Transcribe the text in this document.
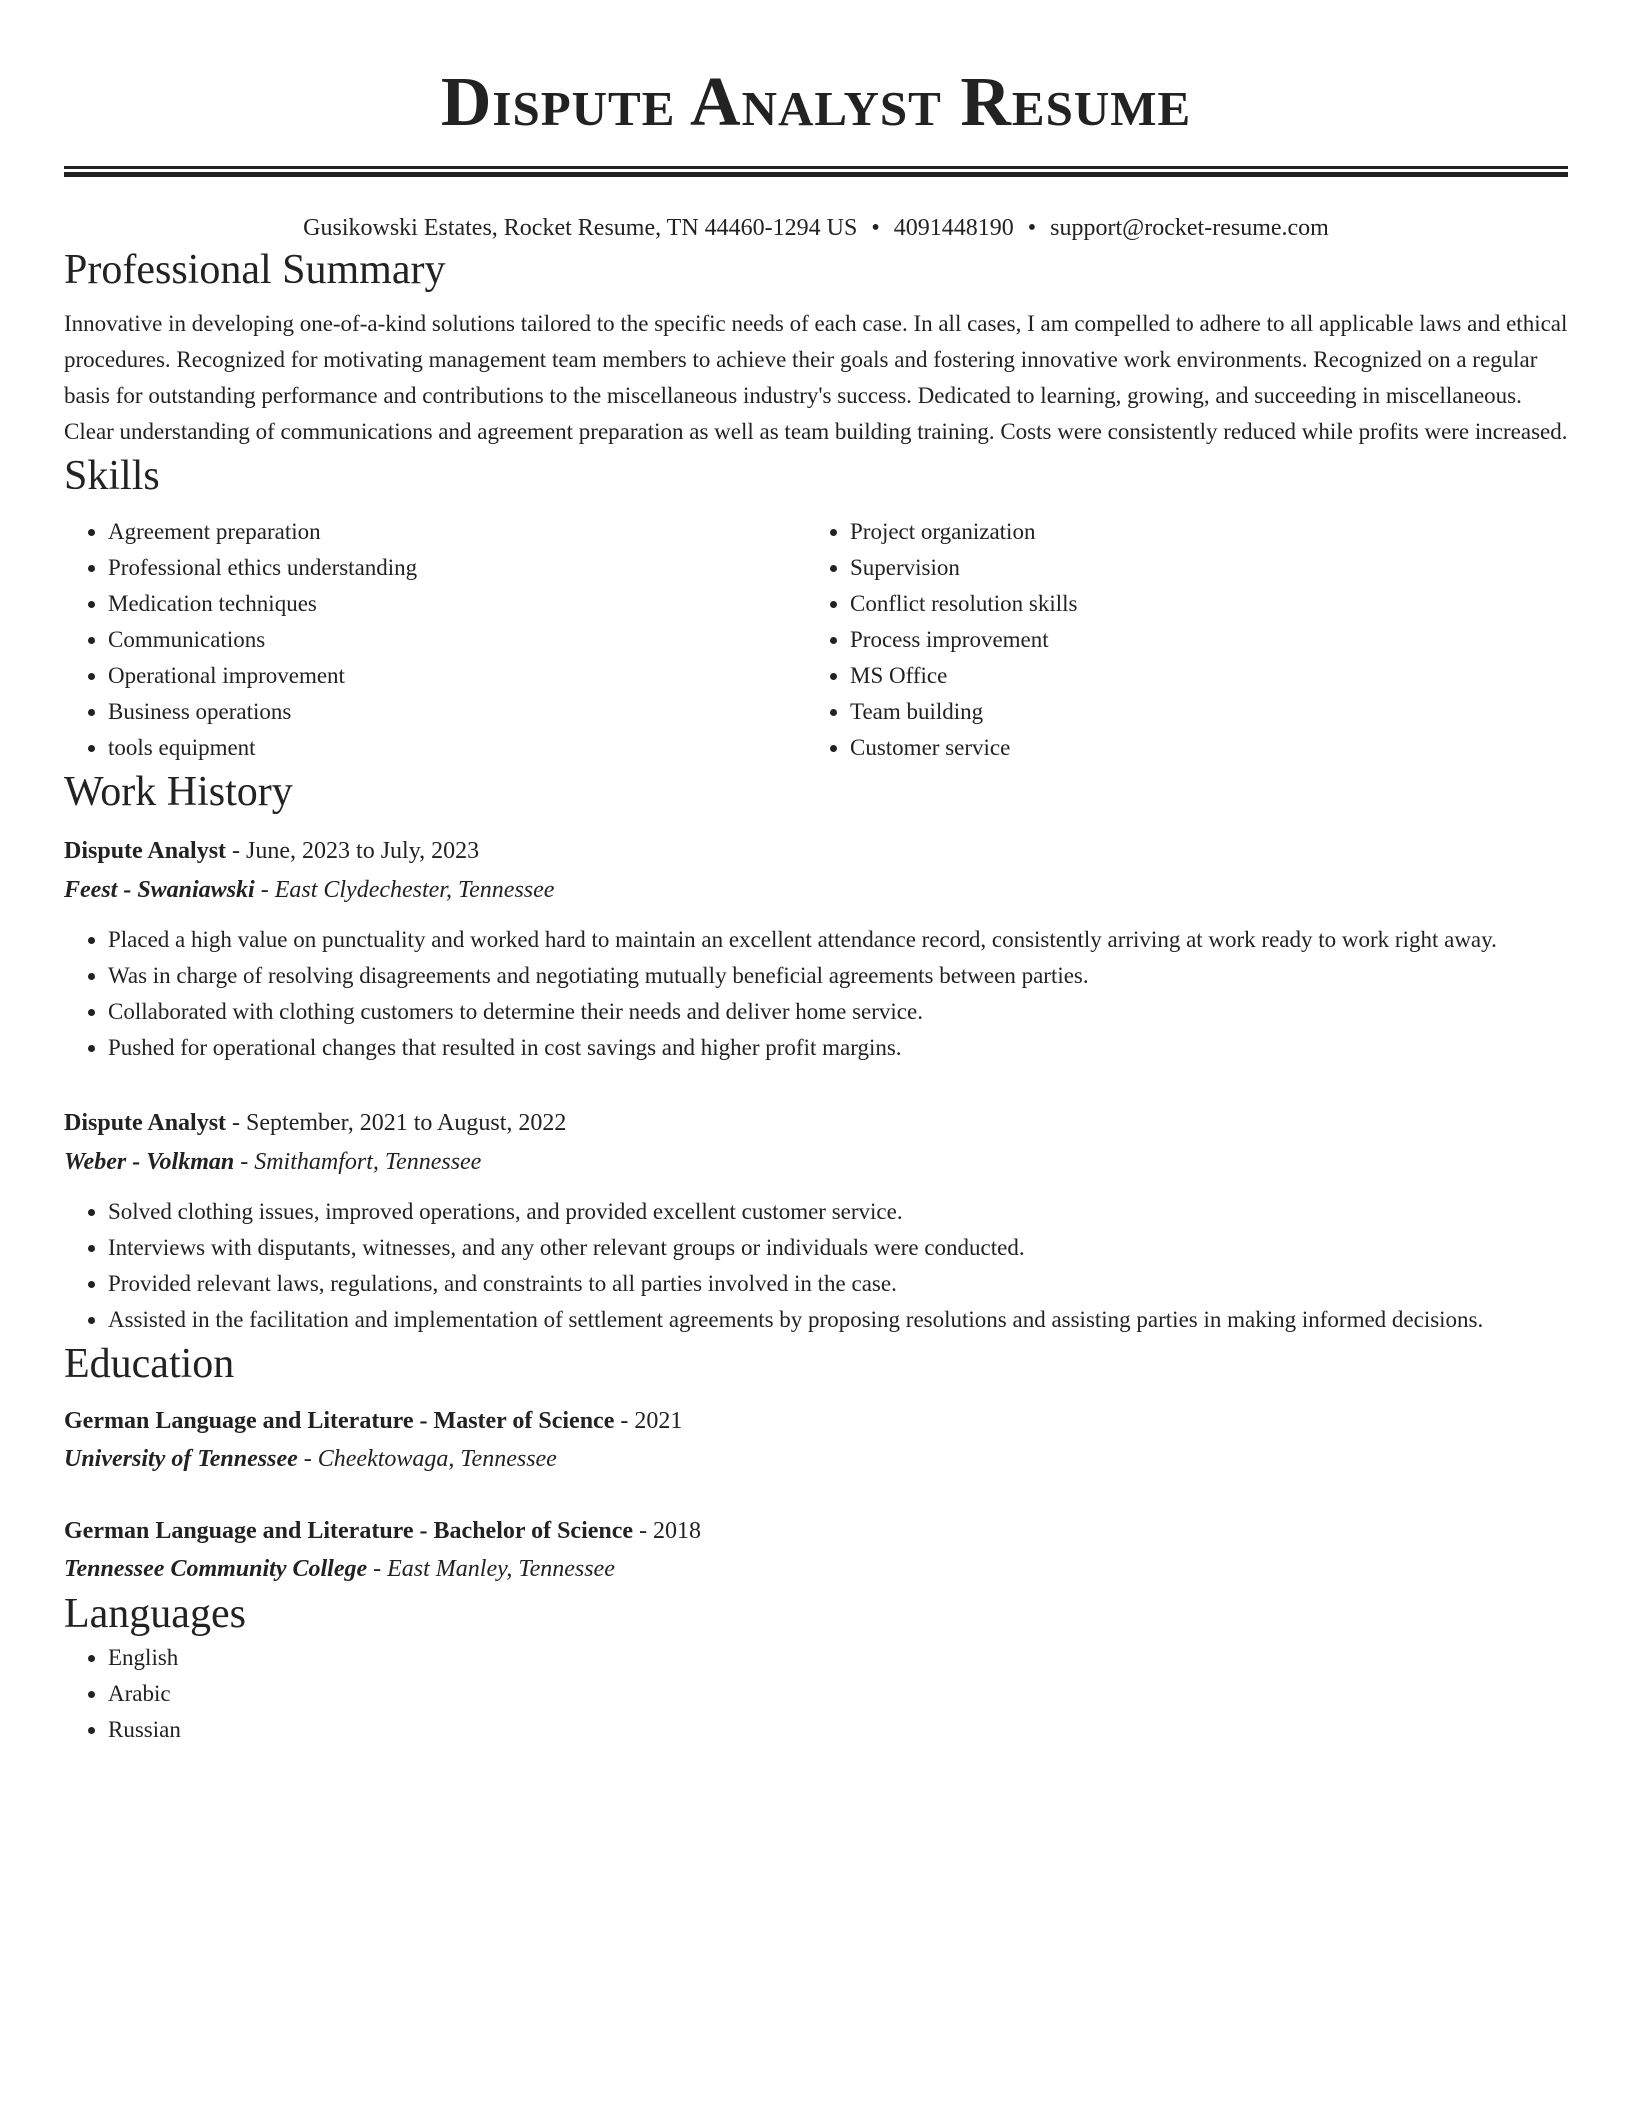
Dispute Analyst Resume
Gusikowski Estates, Rocket Resume, TN 44460-1294 US • 4091448190 • support@rocket-resume.com
Professional Summary

Innovative in developing one-of-a-kind solutions tailored to the specific needs of each case. In all cases, I am compelled to adhere to all applicable laws and ethical procedures. Recognized for motivating management team members to achieve their goals and fostering innovative work environments. Recognized on a regular basis for outstanding performance and contributions to the miscellaneous industry's success. Dedicated to learning, growing, and succeeding in miscellaneous. Clear understanding of communications and agreement preparation as well as team building training. Costs were consistently reduced while profits were increased.

Skills
• Agreement preparation
• Professional ethics understanding
• Medication techniques
• Communications
• Operational improvement
• Business operations
• tools equipment
• Project organization
• Supervision
• Conflict resolution skills
• Process improvement
• MS Office
• Team building
• Customer service
Work History
Dispute Analyst - June, 2023 to July, 2023
Feest - Swaniawski - East Clydechester, Tennessee
• Placed a high value on punctuality and worked hard to maintain an excellent attendance record, consistently arriving at work ready to work right away.
• Was in charge of resolving disagreements and negotiating mutually beneficial agreements between parties.
• Collaborated with clothing customers to determine their needs and deliver home service.
• Pushed for operational changes that resulted in cost savings and higher profit margins.
Dispute Analyst - September, 2021 to August, 2022
Weber - Volkman - Smithamfort, Tennessee
• Solved clothing issues, improved operations, and provided excellent customer service.
• Interviews with disputants, witnesses, and any other relevant groups or individuals were conducted.
• Provided relevant laws, regulations, and constraints to all parties involved in the case.
• Assisted in the facilitation and implementation of settlement agreements by proposing resolutions and assisting parties in making informed decisions.
Education
German Language and Literature - Master of Science - 2021
University of Tennessee - Cheektowaga, Tennessee
German Language and Literature - Bachelor of Science - 2018
Tennessee Community College - East Manley, Tennessee
Languages
• English
• Arabic
• Russian
